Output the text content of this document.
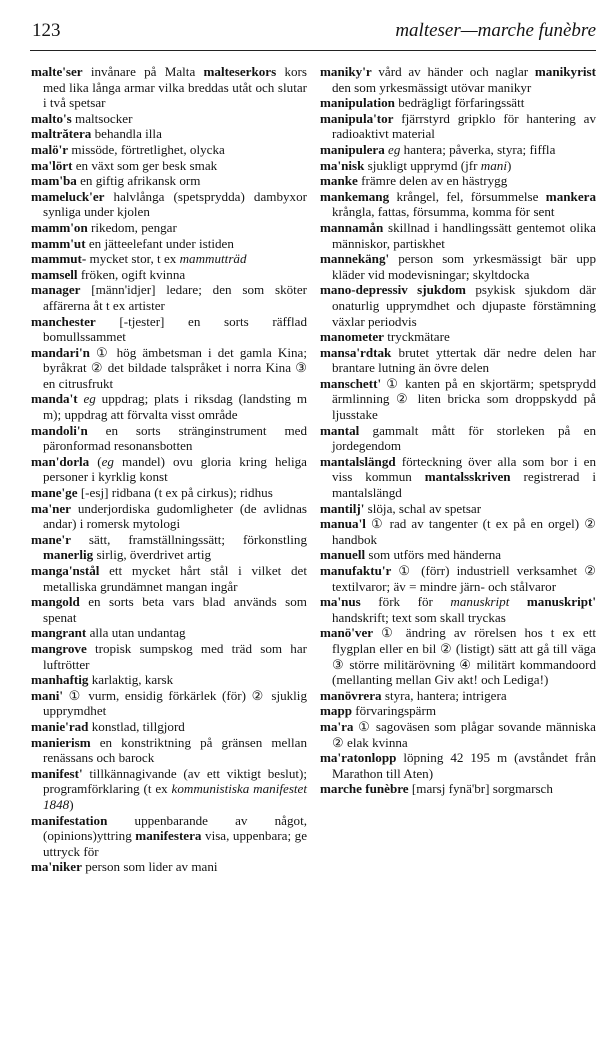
123	malteser—marche funèbre

malte'ser invånare på Malta malteserkors kors med lika långa armar vilka breddas utåt och slutar i två spetsar

malto's maltsocker

maltrătera behandla illa

malö'r missöde, förtretlighet, olycka

ma'lört en växt som ger besk smak

mam'ba en giftig afrikansk orm

mameluck'er halvlånga (spetsprydda) dambyxor synliga under kjolen

mamm'on rikedom, pengar

mamm'ut en jätteelefant under istiden

mammut- mycket stor, t ex mammutträd

mamsell fröken, ogift kvinna

manager [männ'idjer] ledare; den som sköter affärerna åt t ex artister

manchester [-tjester] en sorts räfflad bomullssammet

mandari'n ① hög ämbetsman i det gamla Kina; byråkrat ② det bildade talspråket i norra Kina ③ en citrusfrukt

manda't eg uppdrag; plats i riksdag (landsting m m); uppdrag att förvalta visst område

mandoli'n en sorts stränginstrument med päronformad resonansbotten

man'dorla (eg mandel) ovu gloria kring heliga personer i kyrklig konst

mane'ge [-esj] ridbana (t ex på cirkus); ridhus

ma'ner underjordiska gudomligheter (de avlidnas andar) i romersk mytologi

mane'r sätt, framställningssätt; förkonstling manerlig sirlig, överdrivet artig

manga'nstål ett mycket hårt stål i vilket det metalliska grundämnet mangan ingår

mangold en sorts beta vars blad används som spenat

mangrant alla utan undantag

mangrove tropisk sumpskog med träd som har luftrötter

manhaftig karlaktig, karsk

mani' ① vurm, ensidig förkärlek (för) ② sjuklig upprymdhet

manie'rad konstlad, tillgjord

manierism en konstriktning på gränsen mellan renässans och barock

manifest' tillkännagivande (av ett viktigt beslut); programförklaring (t ex kommunistiska manifestet 1848)

manifestation uppenbarande av något, (opinions)yttring manifestera visa, uppenbara; ge uttryck för

ma'niker person som lider av mani

maniky'r vård av händer och naglar manikyrist den som yrkesmässigt utövar manikyr

manipulation bedrägligt förfaringssätt

manipula'tor fjärrstyrd gripklo för hantering av radioaktivt material

manipulera eg hantera; påverka, styra; fiffla

ma'nisk sjukligt upprymd (jfr mani)

manke främre delen av en hästrygg

mankemang krångel, fel, försummelse mankera krångla, fattas, försumma, komma för sent

mannamån skillnad i handlingssätt gentemot olika människor, partiskhet

mannekäng' person som yrkesmässigt bär upp kläder vid modevisningar; skyltdocka

mano-depressiv sjukdom psykisk sjukdom där onaturlig upprymdhet och djupaste förstämning växlar periodvis

manometer tryckmätare

mansa'rdtak brutet yttertak där nedre delen har brantare lutning än övre delen

manschett' ① kanten på en skjortärm; spetsprydd ärmlinning ② liten bricka som droppskydd på ljusstake

mantal gammalt mått för storleken på en jordegendom

mantalslängd förteckning över alla som bor i en viss kommun mantalsskriven registrerad i mantalslängd

mantilj' slöja, schal av spetsar

manua'l ① rad av tangenter (t ex på en orgel) ② handbok

manuell som utförs med händerna

manufaktu'r ① (förr) industriell verksamhet ② textilvaror; äv = mindre järn- och stålvaror

ma'nus förk för manuskript manuskript' handskrift; text som skall tryckas

manö'ver ① ändring av rörelsen hos t ex ett flygplan eller en bil ② (listigt) sätt att gå till väga ③ större militärövning ④ militärt kommandoord (mellanting mellan Giv akt! och Lediga!)

manövrera styra, hantera; intrigera

mapp förvaringspärm

ma'ra ① sagoväsen som plågar sovande människa ② elak kvinna

ma'ratonlopp löpning 42 195 m (avståndet från Marathon till Aten)

marche funèbre [marsj fynä'br] sorgmarsch
